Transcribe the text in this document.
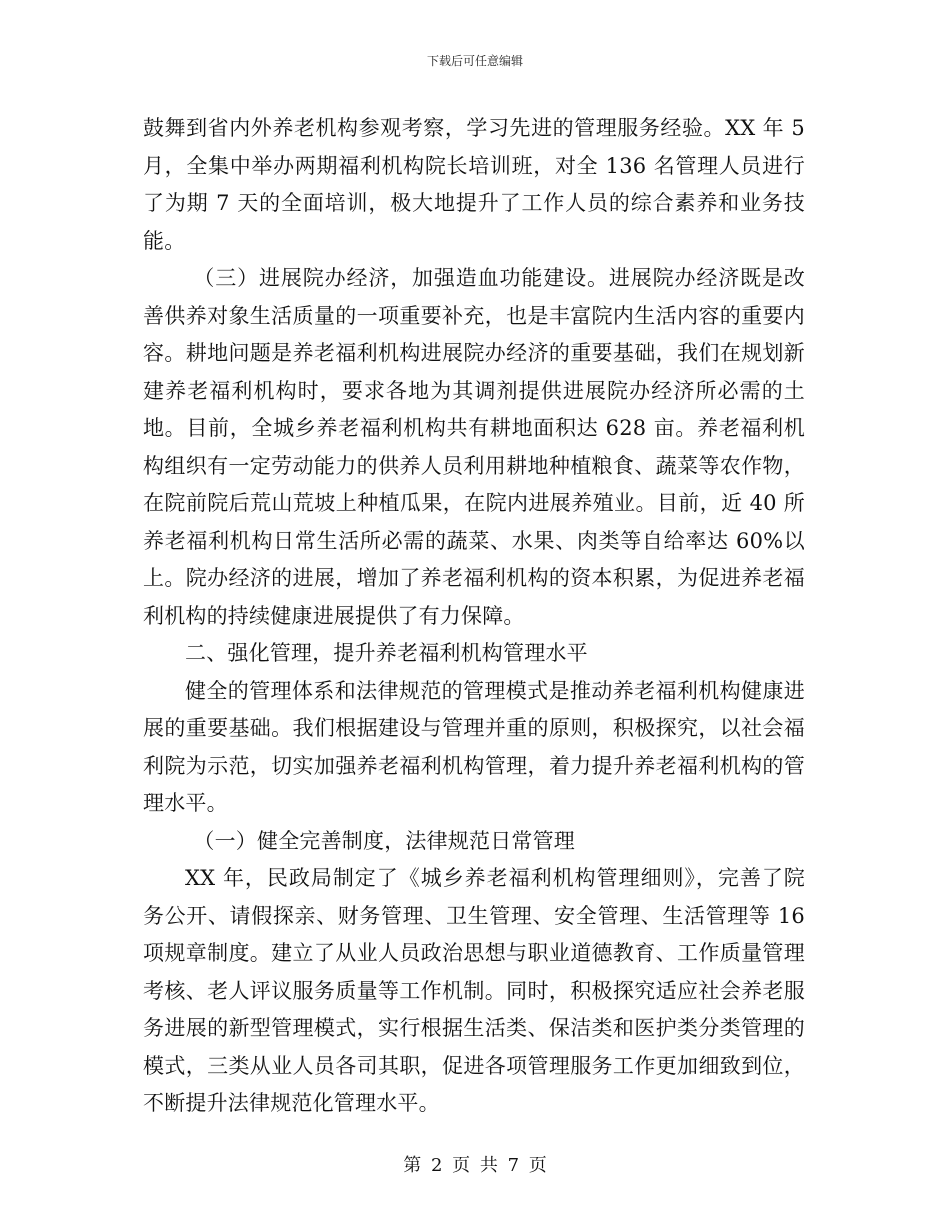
下载后可任意编辑

鼓舞到省内外养老机构参观考察，学习先进的管理服务经验。XX 年 5 月，全集中举办两期福利机构院长培训班，对全 136 名管理人员进行了为期 7 天的全面培训，极大地提升了工作人员的综合素养和业务技能。

（三）进展院办经济，加强造血功能建设。进展院办经济既是改善供养对象生活质量的一项重要补充，也是丰富院内生活内容的重要内容。耕地问题是养老福利机构进展院办经济的重要基础，我们在规划新建养老福利机构时，要求各地为其调剂提供进展院办经济所必需的土地。目前，全城乡养老福利机构共有耕地面积达 628 亩。养老福利机构组织有一定劳动能力的供养人员利用耕地种植粮食、蔬菜等农作物，在院前院后荒山荒坡上种植瓜果，在院内进展养殖业。目前，近 40 所养老福利机构日常生活所必需的蔬菜、水果、肉类等自给率达 60%以上。院办经济的进展，增加了养老福利机构的资本积累，为促进养老福利机构的持续健康进展提供了有力保障。

二、强化管理，提升养老福利机构管理水平

健全的管理体系和法律规范的管理模式是推动养老福利机构健康进展的重要基础。我们根据建设与管理并重的原则，积极探究，以社会福利院为示范，切实加强养老福利机构管理，着力提升养老福利机构的管理水平。

（一）健全完善制度，法律规范日常管理

XX 年，民政局制定了《城乡养老福利机构管理细则》，完善了院务公开、请假探亲、财务管理、卫生管理、安全管理、生活管理等 16 项规章制度。建立了从业人员政治思想与职业道德教育、工作质量管理考核、老人评议服务质量等工作机制。同时，积极探究适应社会养老服务进展的新型管理模式，实行根据生活类、保洁类和医护类分类管理的模式，三类从业人员各司其职，促进各项管理服务工作更加细致到位，不断提升法律规范化管理水平。

第 2 页 共 7 页
